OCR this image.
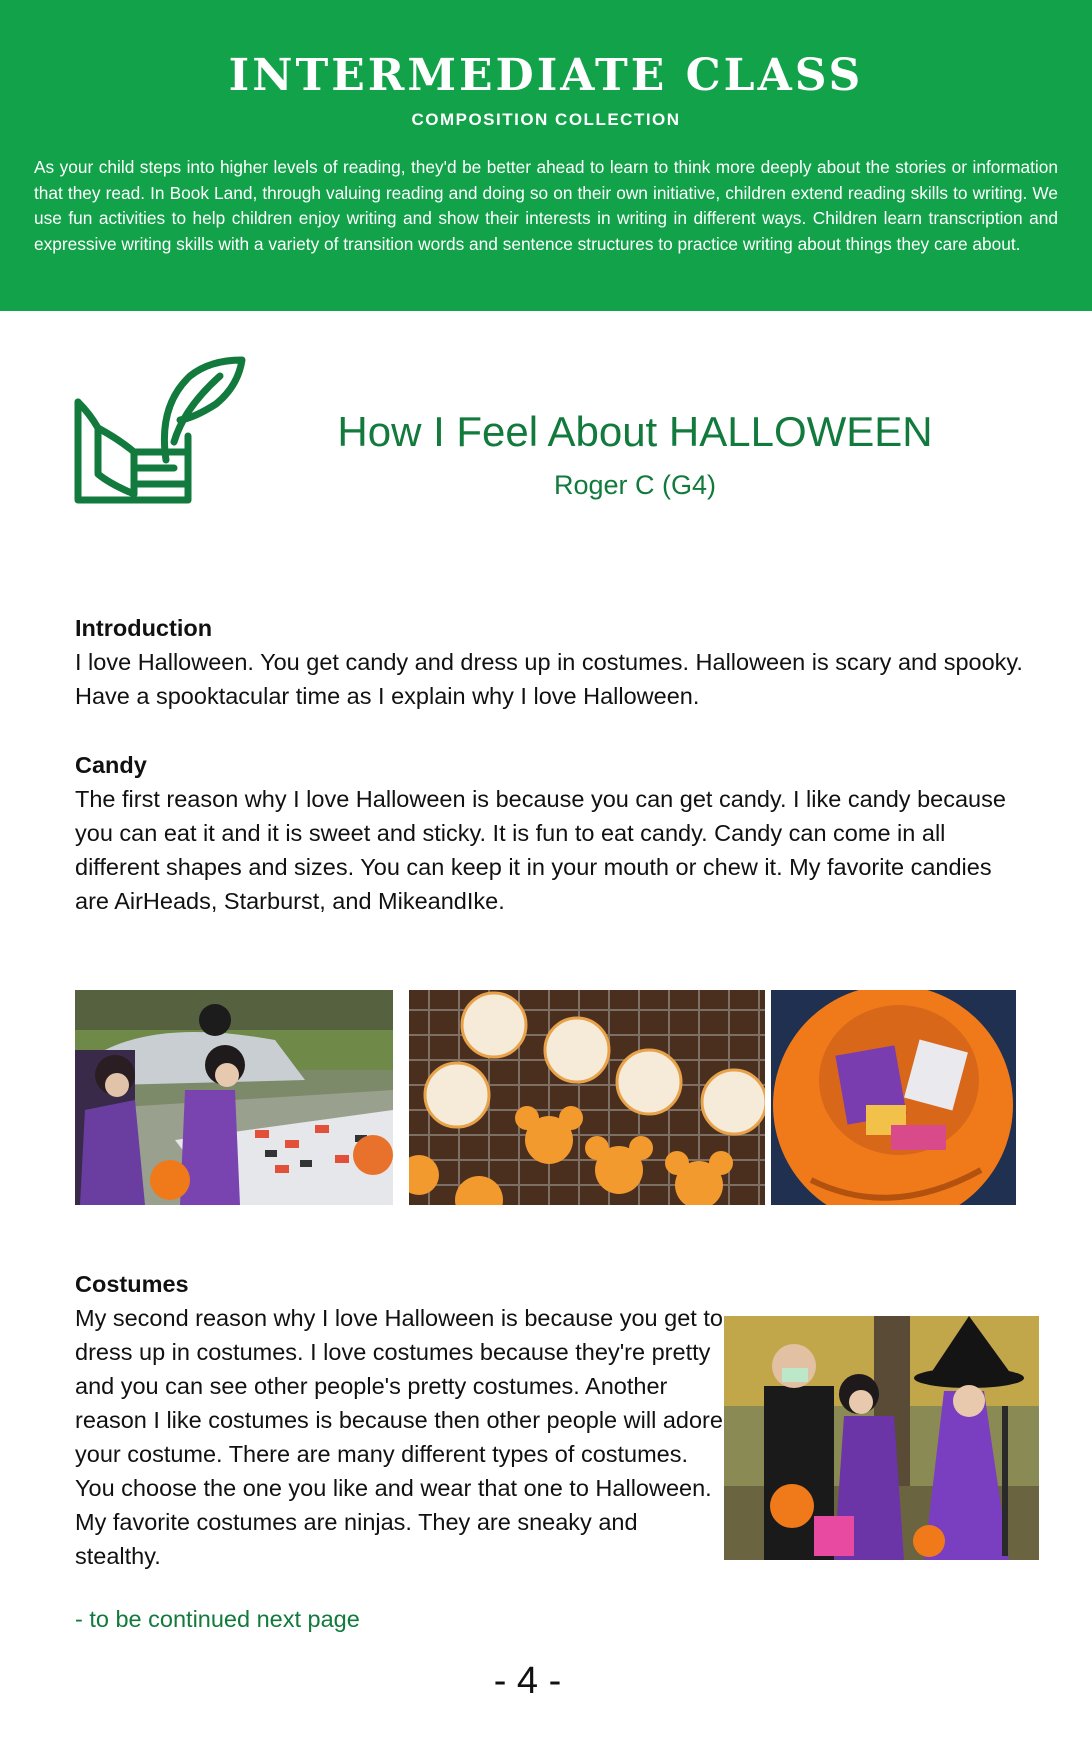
INTERMEDIATE CLASS
COMPOSITION COLLECTION
As your child steps into higher levels of reading, they'd be better ahead to learn to think more deeply about the stories or information that they read. In Book Land, through valuing reading and doing so on their own initiative, children extend reading skills to writing. We use fun activities to help children enjoy writing and show their interests in writing in different ways. Children learn transcription and expressive writing skills with a variety of transition words and sentence structures to practice writing about things they care about.
How I Feel About HALLOWEEN
Roger C (G4)
Introduction
I love Halloween. You get candy and dress up in costumes. Halloween is scary and spooky. Have a spooktacular time as I explain why I love Halloween.
Candy
The first reason why I love Halloween is because you can get candy. I like candy because you can eat it and it is sweet and sticky. It is fun to eat candy. Candy can come in all different shapes and sizes. You can keep it in your mouth or chew it. My favorite candies are AirHeads, Starburst, and MikeandIke.
Costumes
My second reason why I love Halloween is because you get to dress up in costumes. I love costumes because they're pretty and you can see other people's pretty costumes. Another reason I like costumes is because then other people will adore your costume. There are many different types of costumes. You choose the one you like and wear that one to Halloween. My favorite costumes are ninjas. They are sneaky and stealthy.
- to be continued next page
- 4 -
